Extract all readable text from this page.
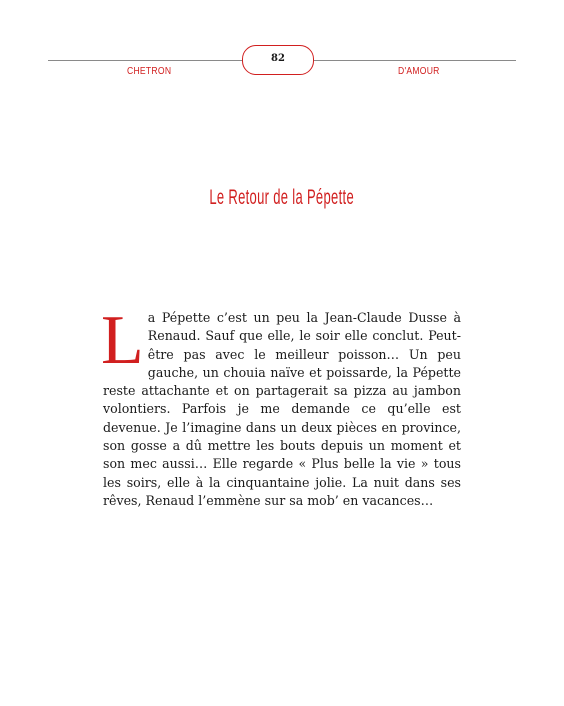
82
CHETRON	D'AMOUR
Le Retour de la Pépette

La Pépette c’est un peu la Jean-Claude Dusse à Renaud. Sauf que elle, le soir elle conclut. Peut-être pas avec le meilleur poisson… Un peu gauche, un chouia naïve et poissarde, la Pépette reste attachante et on partagerait sa pizza au jambon volontiers. Parfois je me demande ce qu’elle est devenue. Je l’imagine dans un deux pièces en province, son gosse a dû mettre les bouts depuis un moment et son mec aussi… Elle regarde « Plus belle la vie » tous les soirs, elle à la cinquantaine jolie. La nuit dans ses rêves, Renaud l’emmène sur sa mob’ en vacances…
